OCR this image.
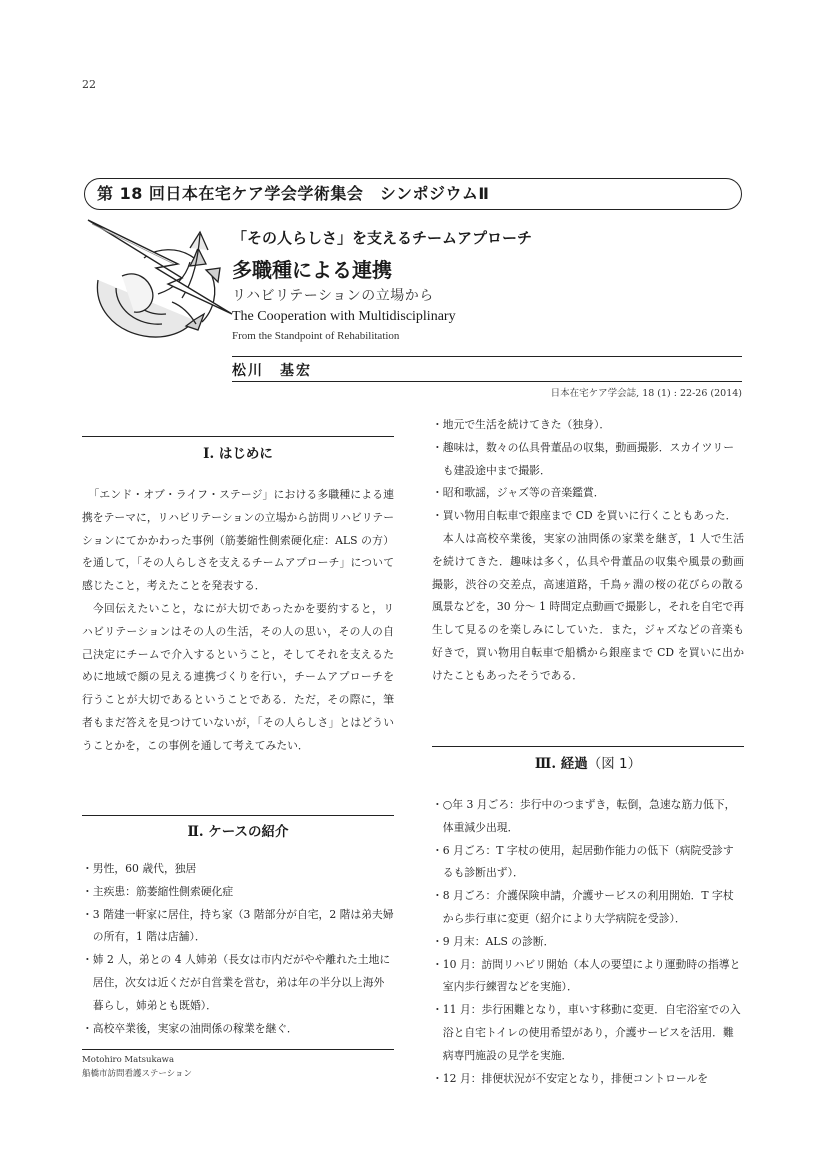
22
第 18 回日本在宅ケア学会学術集会　シンポジウムⅡ
「その人らしさ」を支えるチームアプローチ
多職種による連携
リハビリテーションの立場から
The Cooperation with Multidisciplinary
From the Standpoint of Rehabilitation
松川　基宏
日本在宅ケア学会誌, 18 (1) : 22-26 (2014)
Ⅰ. はじめに

「エンド・オブ・ライフ・ステージ」における多職種による連携をテーマに，リハビリテーションの立場から訪問リハビリテーションにてかかわった事例（筋萎縮性側索硬化症：ALS の方）を通して，「その人らしさを支えるチームアプローチ」について感じたこと，考えたことを発表する．

今回伝えたいこと，なにが大切であったかを要約すると，リハビリテーションはその人の生活，その人の思い，その人の自己決定にチームで介入するということ，そしてそれを支えるために地域で顔の見える連携づくりを行い，チームアプローチを行うことが大切であるということである．ただ，その際に，筆者もまだ答えを見つけていないが，「その人らしさ」とはどういうことかを，この事例を通して考えてみたい．

Ⅱ. ケースの紹介
・ 男性，60 歳代，独居
・ 主疾患：筋萎縮性側索硬化症
・ 3 階建一軒家に居住，持ち家（3 階部分が自宅，2 階は弟夫婦の所有，1 階は店舗）．
・ 姉 2 人，弟との 4 人姉弟（長女は市内だがやや離れた土地に居住，次女は近くだが自営業を営む，弟は年の半分以上海外暮らし，姉弟とも既婚）．
・ 高校卒業後，実家の油問係の稼業を継ぐ．
Motohiro Matsukawa
船橋市訪問看護ステーション
・ 地元で生活を続けてきた（独身）．
・ 趣味は，数々の仏具骨董品の収集，動画撮影．スカイツリーも建設途中まで撮影．
・ 昭和歌謡，ジャズ等の音楽鑑賞．
・ 買い物用自転車で銀座まで CD を買いに行くこともあった．

本人は高校卒業後，実家の油問係の家業を継ぎ，1 人で生活を続けてきた．趣味は多く，仏具や骨董品の収集や風景の動画撮影，渋谷の交差点，高速道路，千鳥ヶ淵の桜の花びらの散る風景などを，30 分〜 1 時間定点動画で撮影し，それを自宅で再生して見るのを楽しみにしていた．また，ジャズなどの音楽も好きで，買い物用自転車で船橋から銀座まで CD を買いに出かけたこともあったそうである．

Ⅲ. 経過（図 1）
・ ○年 3 月ごろ：歩行中のつまずき，転倒，急速な筋力低下，体重減少出現．
・ 6 月ごろ：T 字杖の使用，起居動作能力の低下（病院受診するも診断出ず）．
・ 8 月ごろ：介護保険申請，介護サービスの利用開始．T 字杖から歩行車に変更（紹介により大学病院を受診）．
・ 9 月末：ALS の診断．
・ 10 月：訪問リハビリ開始（本人の要望により運動時の指導と室内歩行練習などを実施）．
・ 11 月：歩行困難となり，車いす移動に変更．自宅浴室での入浴と自宅トイレの使用希望があり，介護サービスを活用．難病専門施設の見学を実施．
・ 12 月：排便状況が不安定となり，排便コントロールを
